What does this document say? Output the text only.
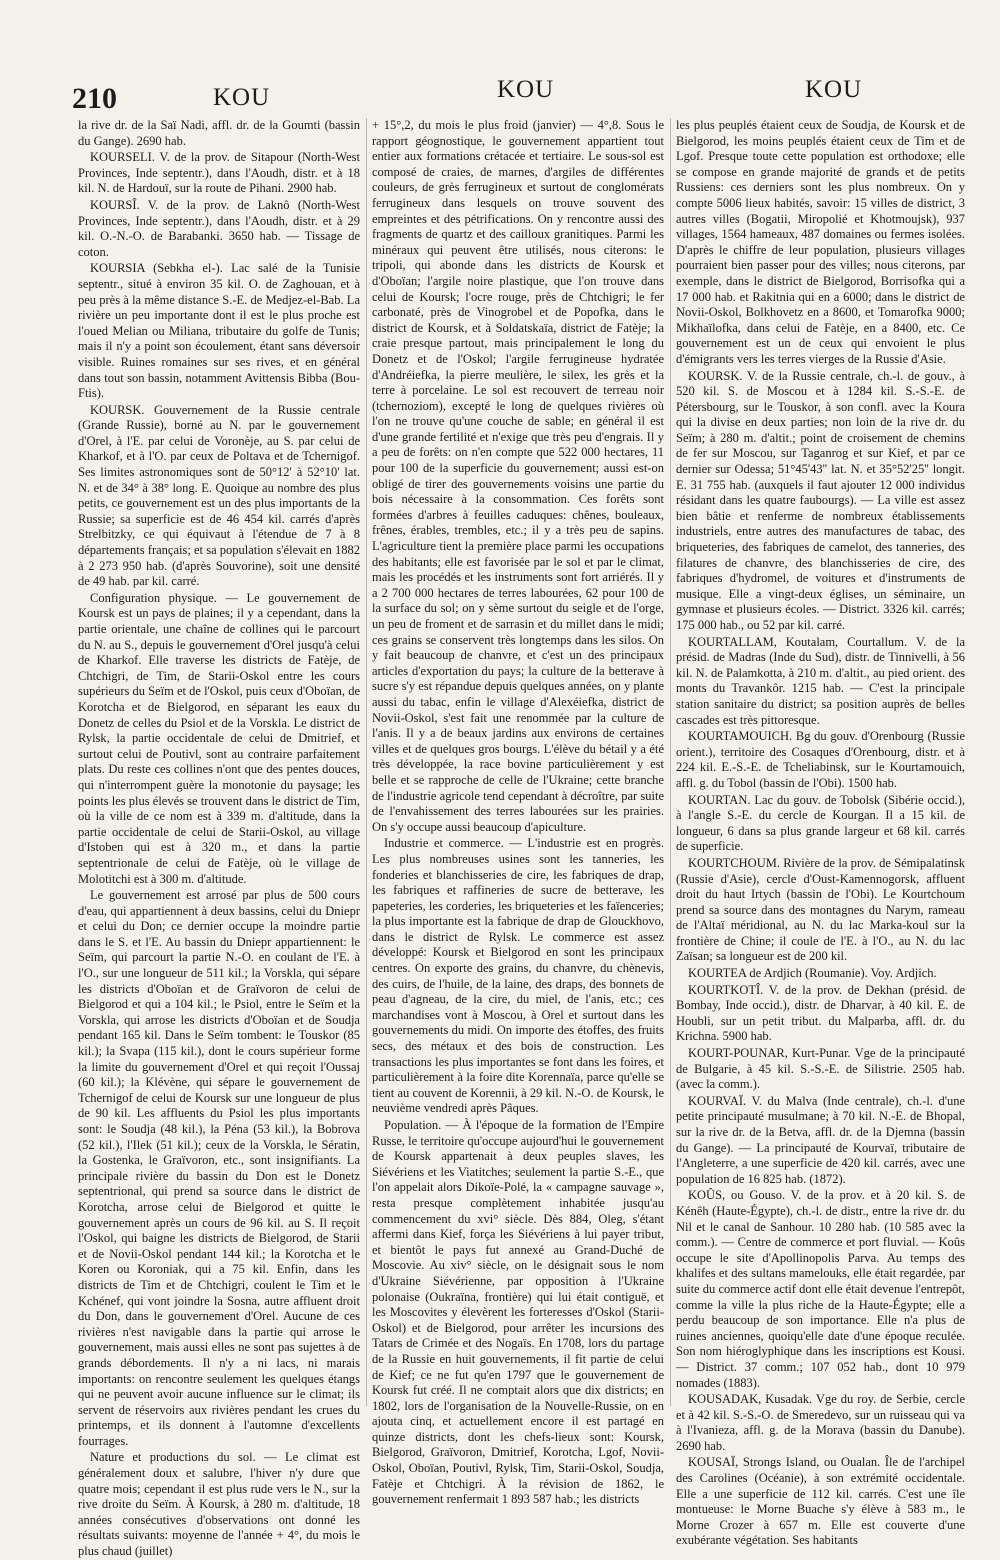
210	KOU	KOU	KOU

la rive dr. de la Saï Nadi, affl. dr. de la Goumti (bassin du Gange). 2690 hab.

KOURSELI. V. de la prov. de Sitapour (North-West Provinces, Inde septentr.), dans l'Aoudh, distr. et à 18 kil. N. de Hardouï, sur la route de Pihani. 2900 hab.

KOURSÎ. V. de la prov. de Laknô (North-West Provinces, Inde septentr.), dans l'Aoudh, distr. et à 29 kil. O.-N.-O. de Barabanki. 3650 hab. — Tissage de coton.

KOURSIA (Sebkha el-). Lac salé de la Tunisie septentr., situé à environ 35 kil. O. de Zaghouan, et à peu près à la même distance S.-E. de Medjez-el-Bab. La rivière un peu importante dont il est le plus proche est l'oued Melian ou Miliana, tributaire du golfe de Tunis; mais il n'y a point son écoulement, étant sans déversoir visible. Ruines romaines sur ses rives, et en général dans tout son bassin, notamment Avittensis Bibba (Bou-Ftis).

KOURSK. Gouvernement de la Russie centrale (Grande Russie), borné au N. par le gouvernement d'Orel, à l'E. par celui de Voronèje, au S. par celui de Kharkof, et à l'O. par ceux de Poltava et de Tchernigof. Ses limites astronomiques sont de 50°12' à 52°10' lat. N. et de 34° à 38° long. E. Quoique au nombre des plus petits, ce gouvernement est un des plus importants de la Russie; sa superficie est de 46 454 kil. carrés d'après Strelbitzky, ce qui équivaut à l'étendue de 7 à 8 départements français; et sa population s'élevait en 1882 à 2 273 950 hab. (d'après Souvorine), soit une densité de 49 hab. par kil. carré.

Configuration physique. — Le gouvernement de Koursk est un pays de plaines; il y a cependant, dans la partie orientale, une chaîne de collines qui le parcourt du N. au S., depuis le gouvernement d'Orel jusqu'à celui de Kharkof. Elle traverse les districts de Fatèje, de Chtchigri, de Tim, de Starii-Oskol entre les cours supérieurs du Seïm et de l'Oskol, puis ceux d'Oboïan, de Korotcha et de Bielgorod, en séparant les eaux du Donetz de celles du Psiol et de la Vorskla. Le district de Rylsk, la partie occidentale de celui de Dmitrief, et surtout celui de Poutivl, sont au contraire parfaitement plats. Du reste ces collines n'ont que des pentes douces, qui n'interrompent guère la monotonie du paysage; les points les plus élevés se trouvent dans le district de Tim, où la ville de ce nom est à 339 m. d'altitude, dans la partie occidentale de celui de Starii-Oskol, au village d'Istoben qui est à 320 m., et dans la partie septentrionale de celui de Fatèje, où le village de Molotitchi est à 300 m. d'altitude.

Le gouvernement est arrosé par plus de 500 cours d'eau, qui appartiennent à deux bassins, celui du Dniepr et celui du Don; ce dernier occupe la moindre partie dans le S. et l'E. Au bassin du Dniepr appartiennent: le Seïm, qui parcourt la partie N.-O. en coulant de l'E. à l'O., sur une longueur de 511 kil.; la Vorskla, qui sépare les districts d'Oboïan et de Graïvoron de celui de Bielgorod et qui a 104 kil.; le Psiol, entre le Seïm et la Vorskla, qui arrose les districts d'Oboïan et de Soudja pendant 165 kil. Dans le Seïm tombent: le Touskor (85 kil.); la Svapa (115 kil.), dont le cours supérieur forme la limite du gouvernement d'Orel et qui reçoit l'Oussaj (60 kil.); la Klévène, qui sépare le gouvernement de Tchernigof de celui de Koursk sur une longueur de plus de 90 kil. Les affluents du Psiol les plus importants sont: le Soudja (48 kil.), la Péna (53 kil.), la Bobrova (52 kil.), l'Ilek (51 kil.); ceux de la Vorskla, le Sératin, la Gostenka, le Graïvoron, etc., sont insignifiants. La principale rivière du bassin du Don est le Donetz septentrional, qui prend sa source dans le district de Korotcha, arrose celui de Bielgorod et quitte le gouvernement après un cours de 96 kil. au S. Il reçoit l'Oskol, qui baigne les districts de Bielgorod, de Starii et de Novii-Oskol pendant 144 kil.; la Korotcha et le Koren ou Koroniak, qui a 75 kil. Enfin, dans les districts de Tim et de Chtchigri, coulent le Tim et le Kchénef, qui vont joindre la Sosna, autre affluent droit du Don, dans le gouvernement d'Orel. Aucune de ces rivières n'est navigable dans la partie qui arrose le gouvernement, mais aussi elles ne sont pas sujettes à de grands débordements. Il n'y a ni lacs, ni marais importants: on rencontre seulement les quelques étangs qui ne peuvent avoir aucune influence sur le climat; ils servent de réservoirs aux rivières pendant les crues du printemps, et ils donnent à l'automne d'excellents fourrages.

Nature et productions du sol. — Le climat est généralement doux et salubre, l'hiver n'y dure que quatre mois; cependant il est plus rude vers le N., sur la rive droite du Seïm. À Koursk, à 280 m. d'altitude, 18 années consécutives d'observations ont donné les résultats suivants: moyenne de l'année + 4°, du mois le plus chaud (juillet)

+ 15°,2, du mois le plus froid (janvier) — 4°,8. Sous le rapport géognostique, le gouvernement appartient tout entier aux formations crétacée et tertiaire. Le sous-sol est composé de craies, de marnes, d'argiles de différentes couleurs, de grès ferrugineux et surtout de conglomérats ferrugineux dans lesquels on trouve souvent des empreintes et des pétrifications. On y rencontre aussi des fragments de quartz et des cailloux granitiques. Parmi les minéraux qui peuvent être utilisés, nous citerons: le tripoli, qui abonde dans les districts de Koursk et d'Oboïan; l'argile noire plastique, que l'on trouve dans celui de Koursk; l'ocre rouge, près de Chtchigri; le fer carbonaté, près de Vinogrobel et de Popofka, dans le district de Koursk, et à Soldatskaïa, district de Fatèje; la craie presque partout, mais principalement le long du Donetz et de l'Oskol; l'argile ferrugineuse hydratée d'Andréiefka, la pierre meulière, le silex, les grès et la terre à porcelaine. Le sol est recouvert de terreau noir (tchernoziom), excepté le long de quelques rivières où l'on ne trouve qu'une couche de sable; en général il est d'une grande fertilité et n'exige que très peu d'engrais. Il y a peu de forêts: on n'en compte que 522 000 hectares, 11 pour 100 de la superficie du gouvernement; aussi est-on obligé de tirer des gouvernements voisins une partie du bois nécessaire à la consommation. Ces forêts sont formées d'arbres à feuilles caduques: chênes, bouleaux, frênes, érables, trembles, etc.; il y a très peu de sapins. L'agriculture tient la première place parmi les occupations des habitants; elle est favorisée par le sol et par le climat, mais les procédés et les instruments sont fort arriérés. Il y a 2 700 000 hectares de terres labourées, 62 pour 100 de la surface du sol; on y sème surtout du seigle et de l'orge, un peu de froment et de sarrasin et du millet dans le midi; ces grains se conservent très longtemps dans les silos. On y fait beaucoup de chanvre, et c'est un des principaux articles d'exportation du pays; la culture de la betterave à sucre s'y est répandue depuis quelques années, on y plante aussi du tabac, enfin le village d'Alexéiefka, district de Novii-Oskol, s'est fait une renommée par la culture de l'anis. Il y a de beaux jardins aux environs de certaines villes et de quelques gros bourgs. L'élève du bétail y a été très développée, la race bovine particulièrement y est belle et se rapproche de celle de l'Ukraine; cette branche de l'industrie agricole tend cependant à décroître, par suite de l'envahissement des terres labourées sur les prairies. On s'y occupe aussi beaucoup d'apiculture.

Industrie et commerce. — L'industrie est en progrès. Les plus nombreuses usines sont les tanneries, les fonderies et blanchisseries de cire, les fabriques de drap, les fabriques et raffineries de sucre de betterave, les papeteries, les corderies, les briqueteries et les faïenceries; la plus importante est la fabrique de drap de Glouckhovo, dans le district de Rylsk. Le commerce est assez développé: Koursk et Bielgorod en sont les principaux centres. On exporte des grains, du chanvre, du chènevis, des cuirs, de l'huile, de la laine, des draps, des bonnets de peau d'agneau, de la cire, du miel, de l'anis, etc.; ces marchandises vont à Moscou, à Orel et surtout dans les gouvernements du midi. On importe des étoffes, des fruits secs, des métaux et des bois de construction. Les transactions les plus importantes se font dans les foires, et particulièrement à la foire dite Korennaïa, parce qu'elle se tient au couvent de Korennii, à 29 kil. N.-O. de Koursk, le neuvième vendredi après Pâques.

Population. — À l'époque de la formation de l'Empire Russe, le territoire qu'occupe aujourd'hui le gouvernement de Koursk appartenait à deux peuples slaves, les Siévériens et les Viatitches; seulement la partie S.-E., que l'on appelait alors Dikoïe-Polé, la « campagne sauvage », resta presque complètement inhabitée jusqu'au commencement du xvi° siècle. Dès 884, Oleg, s'étant affermi dans Kief, força les Siévériens à lui payer tribut, et bientôt le pays fut annexé au Grand-Duché de Moscovie. Au xiv° siècle, on le désignait sous le nom d'Ukraine Siévérienne, par opposition à l'Ukraine polonaise (Oukraïna, frontière) qui lui était contiguë, et les Moscovites y élevèrent les forteresses d'Oskol (Starii-Oskol) et de Bielgorod, pour arrêter les incursions des Tatars de Crimée et des Nogaïs. En 1708, lors du partage de la Russie en huit gouvernements, il fit partie de celui de Kief; ce ne fut qu'en 1797 que le gouvernement de Koursk fut créé. Il ne comptait alors que dix districts; en 1802, lors de l'organisation de la Nouvelle-Russie, on en ajouta cinq, et actuellement encore il est partagé en quinze districts, dont les chefs-lieux sont: Koursk, Bielgorod, Graïvoron, Dmitrief, Korotcha, Lgof, Novii-Oskol, Oboïan, Poutivl, Rylsk, Tim, Starii-Oskol, Soudja, Fatèje et Chtchigri. À la révision de 1862, le gouvernement renfermait 1 893 587 hab.; les districts

les plus peuplés étaient ceux de Soudja, de Koursk et de Bielgorod, les moins peuplés étaient ceux de Tim et de Lgof. Presque toute cette population est orthodoxe; elle se compose en grande majorité de grands et de petits Russiens: ces derniers sont les plus nombreux. On y compte 5006 lieux habités, savoir: 15 villes de district, 3 autres villes (Bogatii, Miropolié et Khotmoujsk), 937 villages, 1564 hameaux, 487 domaines ou fermes isolées. D'après le chiffre de leur population, plusieurs villages pourraient bien passer pour des villes; nous citerons, par exemple, dans le district de Bielgorod, Borrisofka qui a 17 000 hab. et Rakitnia qui en a 6000; dans le district de Novii-Oskol, Bolkhovetz en a 8600, et Tomarofka 9000; Mikhaïlofka, dans celui de Fatèje, en a 8400, etc. Ce gouvernement est un de ceux qui envoient le plus d'émigrants vers les terres vierges de la Russie d'Asie.

KOURSK. V. de la Russie centrale, ch.-l. de gouv., à 520 kil. S. de Moscou et à 1284 kil. S.-S.-E. de Pétersbourg, sur le Touskor, à son confl. avec la Koura qui la divise en deux parties; non loin de la rive dr. du Seïm; à 280 m. d'altit.; point de croisement de chemins de fer sur Moscou, sur Taganrog et sur Kief, et par ce dernier sur Odessa; 51°45'43'' lat. N. et 35°52'25'' longit. E. 31 755 hab. (auxquels il faut ajouter 12 000 individus résidant dans les quatre faubourgs). — La ville est assez bien bâtie et renferme de nombreux établissements industriels, entre autres des manufactures de tabac, des briqueteries, des fabriques de camelot, des tanneries, des filatures de chanvre, des blanchisseries de cire, des fabriques d'hydromel, de voitures et d'instruments de musique. Elle a vingt-deux églises, un séminaire, un gymnase et plusieurs écoles. — District. 3326 kil. carrés; 175 000 hab., ou 52 par kil. carré.

KOURTALLAM, Koutalam, Courtallum. V. de la présid. de Madras (Inde du Sud), distr. de Tinnivelli, à 56 kil. N. de Palamkotta, à 210 m. d'altit., au pied orient. des monts du Travankôr. 1215 hab. — C'est la principale station sanitaire du district; sa position auprès de belles cascades est très pittoresque.

KOURTAMOUICH. Bg du gouv. d'Orenbourg (Russie orient.), territoire des Cosaques d'Orenbourg, distr. et à 224 kil. E.-S.-E. de Tcheliabinsk, sur le Kourtamouich, affl. g. du Tobol (bassin de l'Obi). 1500 hab.

KOURTAN. Lac du gouv. de Tobolsk (Sibérie occid.), à l'angle S.-E. du cercle de Kourgan. Il a 15 kil. de longueur, 6 dans sa plus grande largeur et 68 kil. carrés de superficie.

KOURTCHOUM. Rivière de la prov. de Sémipalatinsk (Russie d'Asie), cercle d'Oust-Kamennogorsk, affluent droit du haut Irtych (bassin de l'Obi). Le Kourtchoum prend sa source dans des montagnes du Narym, rameau de l'Altaï méridional, au N. du lac Marka-koul sur la frontière de Chine; il coule de l'E. à l'O., au N. du lac Zaïsan; sa longueur est de 200 kil.

KOURTEA de Ardjich (Roumanie). Voy. Ardjich.

KOURTKOTÎ. V. de la prov. de Dekhan (présid. de Bombay, Inde occid.), distr. de Dharvar, à 40 kil. E. de Houbli, sur un petit tribut. du Malparba, affl. dr. du Krichna. 5900 hab.

KOURT-POUNAR, Kurt-Punar. Vge de la principauté de Bulgarie, à 45 kil. S.-S.-E. de Silistrie. 2505 hab. (avec la comm.).

KOURVAÏ. V. du Malva (Inde centrale), ch.-l. d'une petite principauté musulmane; à 70 kil. N.-E. de Bhopal, sur la rive dr. de la Betva, affl. dr. de la Djemna (bassin du Gange). — La principauté de Kourvaï, tributaire de l'Angleterre, a une superficie de 420 kil. carrés, avec une population de 16 825 hab. (1872).

KOÛS, ou Gouso. V. de la prov. et à 20 kil. S. de Kénêh (Haute-Égypte), ch.-l. de distr., entre la rive dr. du Nil et le canal de Sanhour. 10 280 hab. (10 585 avec la comm.). — Centre de commerce et port fluvial. — Koûs occupe le site d'Apollinopolis Parva. Au temps des khalifes et des sultans mamelouks, elle était regardée, par suite du commerce actif dont elle était devenue l'entrepôt, comme la ville la plus riche de la Haute-Égypte; elle a perdu beaucoup de son importance. Elle n'a plus de ruines anciennes, quoiqu'elle date d'une époque reculée. Son nom hiéroglyphique dans les inscriptions est Kousi. — District. 37 comm.; 107 052 hab., dont 10 979 nomades (1883).

KOUSADAK, Kusadak. Vge du roy. de Serbie, cercle et à 42 kil. S.-S.-O. de Smeredevo, sur un ruisseau qui va à l'Ivanieza, affl. g. de la Morava (bassin du Danube). 2690 hab.

KOUSAÏ, Strongs Island, ou Oualan. Île de l'archipel des Carolines (Océanie), à son extrémité occidentale. Elle a une superficie de 112 kil. carrés. C'est une île montueuse: le Morne Buache s'y élève à 583 m., le Morne Crozer à 657 m. Elle est couverte d'une exubérante végétation. Ses habitants
